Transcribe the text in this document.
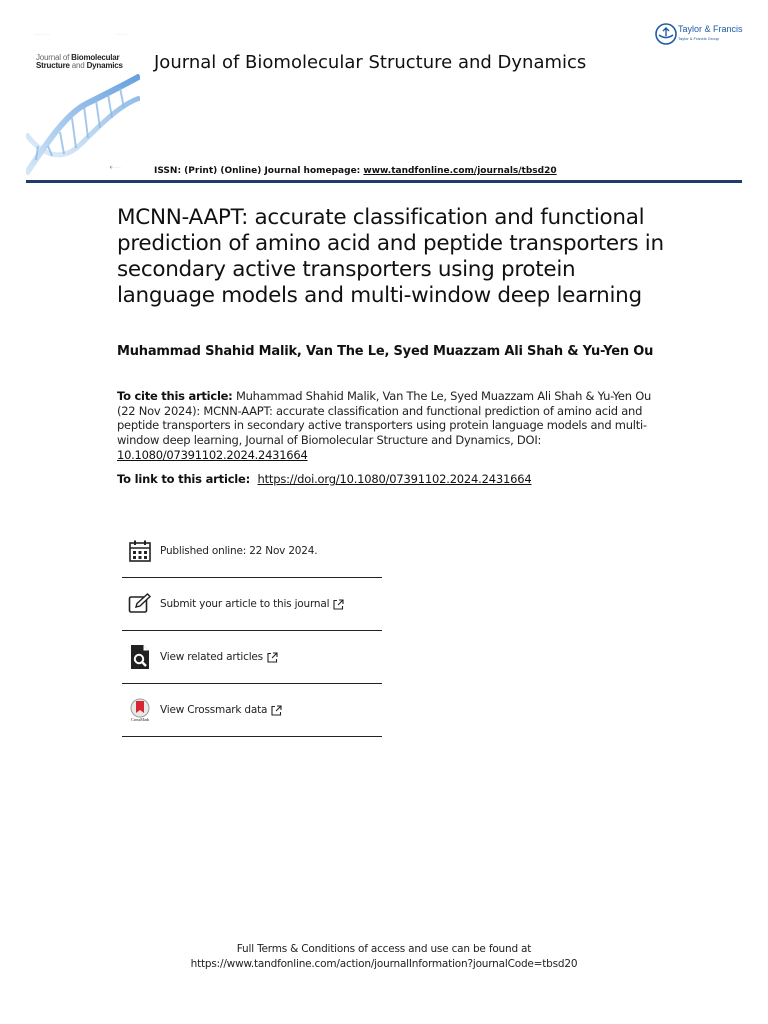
········ ···· ···	······ ····
Journal of Biomolecular
Structure and Dynamics
◐ ········
Journal of Biomolecular Structure and Dynamics
ISSN: (Print) (Online) Journal homepage: www.tandfonline.com/journals/tbsd20
Taylor & Francis
Taylor & Francis Group
MCNN-AAPT: accurate classification and functional prediction of amino acid and peptide transporters in secondary active transporters using protein language models and multi-window deep learning
Muhammad Shahid Malik, Van The Le, Syed Muazzam Ali Shah & Yu-Yen Ou
To cite this article: Muhammad Shahid Malik, Van The Le, Syed Muazzam Ali Shah & Yu-Yen Ou (22 Nov 2024): MCNN-AAPT: accurate classification and functional prediction of amino acid and peptide transporters in secondary active transporters using protein language models and multi-window deep learning, Journal of Biomolecular Structure and Dynamics, DOI: 10.1080/07391102.2024.2431664
To link to this article: https://doi.org/10.1080/07391102.2024.2431664
Published online: 22 Nov 2024.
Submit your article to this journal
View related articles
CrossMark
View Crossmark data
Full Terms & Conditions of access and use can be found at
https://www.tandfonline.com/action/journalInformation?journalCode=tbsd20
